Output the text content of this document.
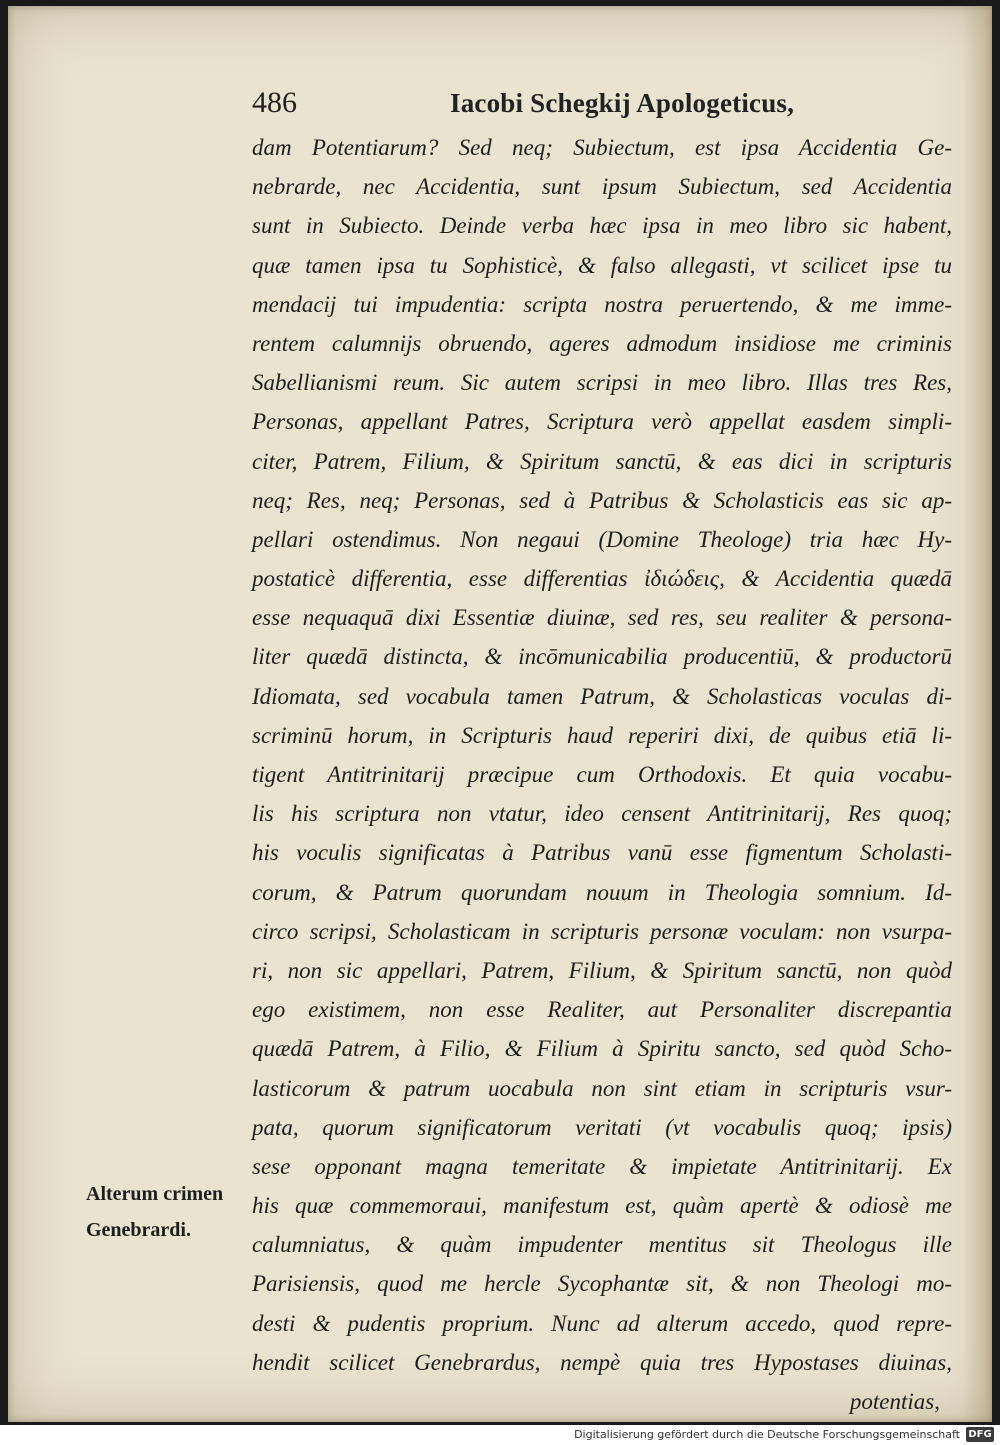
486	Iacobi Schegkij Apologeticus,
dam Potentiarum? Sed neq; Subiectum, est ipsa Accidentia Ge-
nebrarde, nec Accidentia, sunt ipsum Subiectum, sed Accidentia
sunt in Subiecto. Deinde verba hæc ipsa in meo libro sic habent,
quæ tamen ipsa tu Sophisticè, & falso allegasti, vt scilicet ipse tu
mendacij tui impudentia: scripta nostra peruertendo, & me imme-
rentem calumnijs obruendo, ageres admodum insidiose me criminis
Sabellianismi reum. Sic autem scripsi in meo libro. Illas tres Res,
Personas, appellant Patres, Scriptura verò appellat easdem simpli-
citer, Patrem, Filium, & Spiritum sanctū, & eas dici in scripturis
neq; Res, neq; Personas, sed à Patribus & Scholasticis eas sic ap-
pellari ostendimus. Non negaui (Domine Theologe) tria hæc Hy-
postaticè differentia, esse differentias ἰδιώδεις, & Accidentia quædā
esse nequaquā dixi Essentiæ diuinæ, sed res, seu realiter & persona-
liter quædā distincta, & incōmunicabilia producentiū, & productorū
Idiomata, sed vocabula tamen Patrum, & Scholasticas voculas di-
scriminū horum, in Scripturis haud reperiri dixi, de quibus etiā li-
tigent Antitrinitarij præcipue cum Orthodoxis. Et quia vocabu-
lis his scriptura non vtatur, ideo censent Antitrinitarij, Res quoq;
his voculis significatas à Patribus vanū esse figmentum Scholasti-
corum, & Patrum quorundam nouum in Theologia somnium. Id-
circo scripsi, Scholasticam in scripturis personæ voculam: non vsurpa-
ri, non sic appellari, Patrem, Filium, & Spiritum sanctū, non quòd
ego existimem, non esse Realiter, aut Personaliter discrepantia
quædā Patrem, à Filio, & Filium à Spiritu sancto, sed quòd Scho-
lasticorum & patrum uocabula non sint etiam in scripturis vsur-
pata, quorum significatorum veritati (vt vocabulis quoq; ipsis)
sese opponant magna temeritate & impietate Antitrinitarij. Ex
his quæ commemoraui, manifestum est, quàm apertè & odiosè me
calumniatus, & quàm impudenter mentitus sit Theologus ille
Parisiensis, quod me hercle Sycophantæ sit, & non Theologi mo-
desti & pudentis proprium. Nunc ad alterum accedo, quod repre-
hendit scilicet Genebrardus, nempè quia tres Hypostases diuinas,
potentias,
Alterum crimen
Genebrardi.
Digitalisierung gefördert durch die Deutsche Forschungsgemeinschaft DFG
